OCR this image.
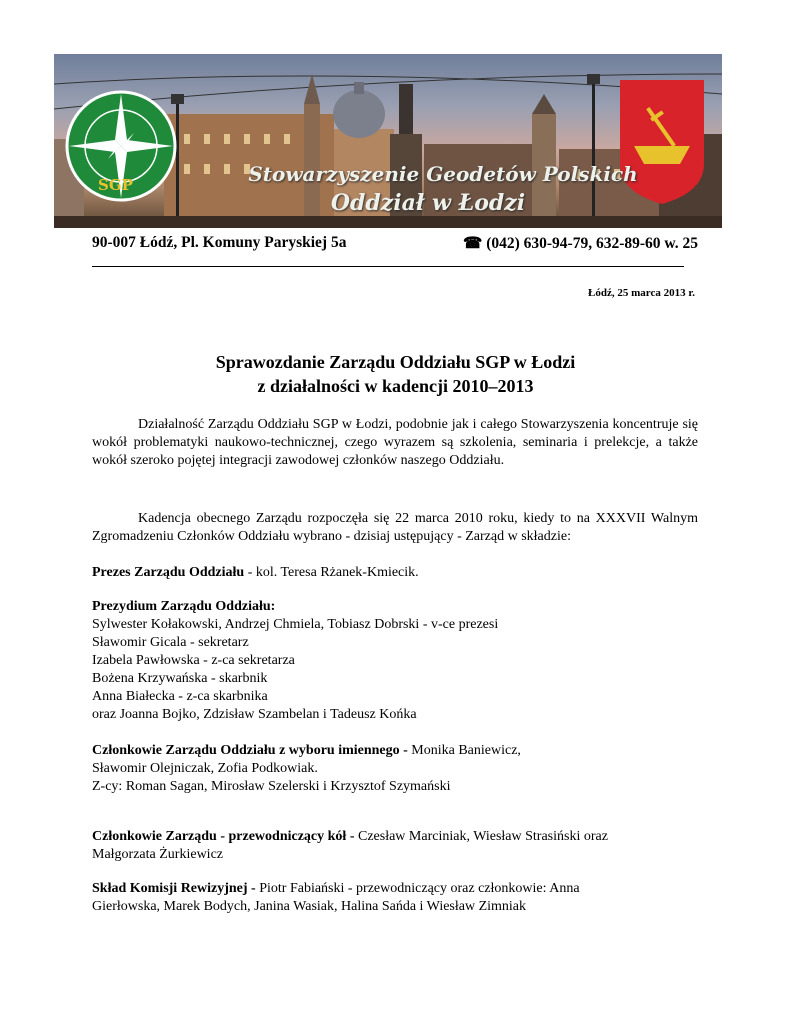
Stowarzyszenie Geodetów Polskich
Oddział w Łodzi
SGP
90-007 Łódź, Pl. Komuny Paryskiej 5a	☎ (042) 630-94-79, 632-89-60 w. 25
Łódź, 25 marca 2013 r.
Sprawozdanie Zarządu Oddziału SGP w Łodzi
z działalności w kadencji 2010–2013
Działalność Zarządu Oddziału SGP w Łodzi, podobnie jak i całego Stowarzyszenia koncentruje się wokół problematyki naukowo-technicznej, czego wyrazem są szkolenia, seminaria i prelekcje, a także wokół szeroko pojętej integracji zawodowej członków naszego Oddziału.
Kadencja obecnego Zarządu rozpoczęła się 22 marca 2010 roku, kiedy to na XXXVII Walnym Zgromadzeniu Członków Oddziału wybrano - dzisiaj ustępujący - Zarząd w składzie:
Prezes Zarządu Oddziału - kol. Teresa Rżanek-Kmiecik.
Prezydium Zarządu Oddziału:
Sylwester Kołakowski, Andrzej Chmiela, Tobiasz Dobrski - v-ce prezesi
Sławomir Gicala - sekretarz
Izabela Pawłowska - z-ca sekretarza
Bożena Krzywańska - skarbnik
Anna Białecka - z-ca skarbnika
oraz Joanna Bojko, Zdzisław Szambelan i Tadeusz Końka
Członkowie Zarządu Oddziału z wyboru imiennego - Monika Baniewicz,
Sławomir Olejniczak, Zofia Podkowiak.
Z-cy: Roman Sagan, Mirosław Szelerski i Krzysztof Szymański
Członkowie Zarządu - przewodniczący kół - Czesław Marciniak, Wiesław Strasiński oraz
Małgorzata Żurkiewicz
Skład Komisji Rewizyjnej - Piotr Fabiański - przewodniczący oraz członkowie: Anna
Gierłowska, Marek Bodych, Janina Wasiak, Halina Sańda i Wiesław Zimniak
